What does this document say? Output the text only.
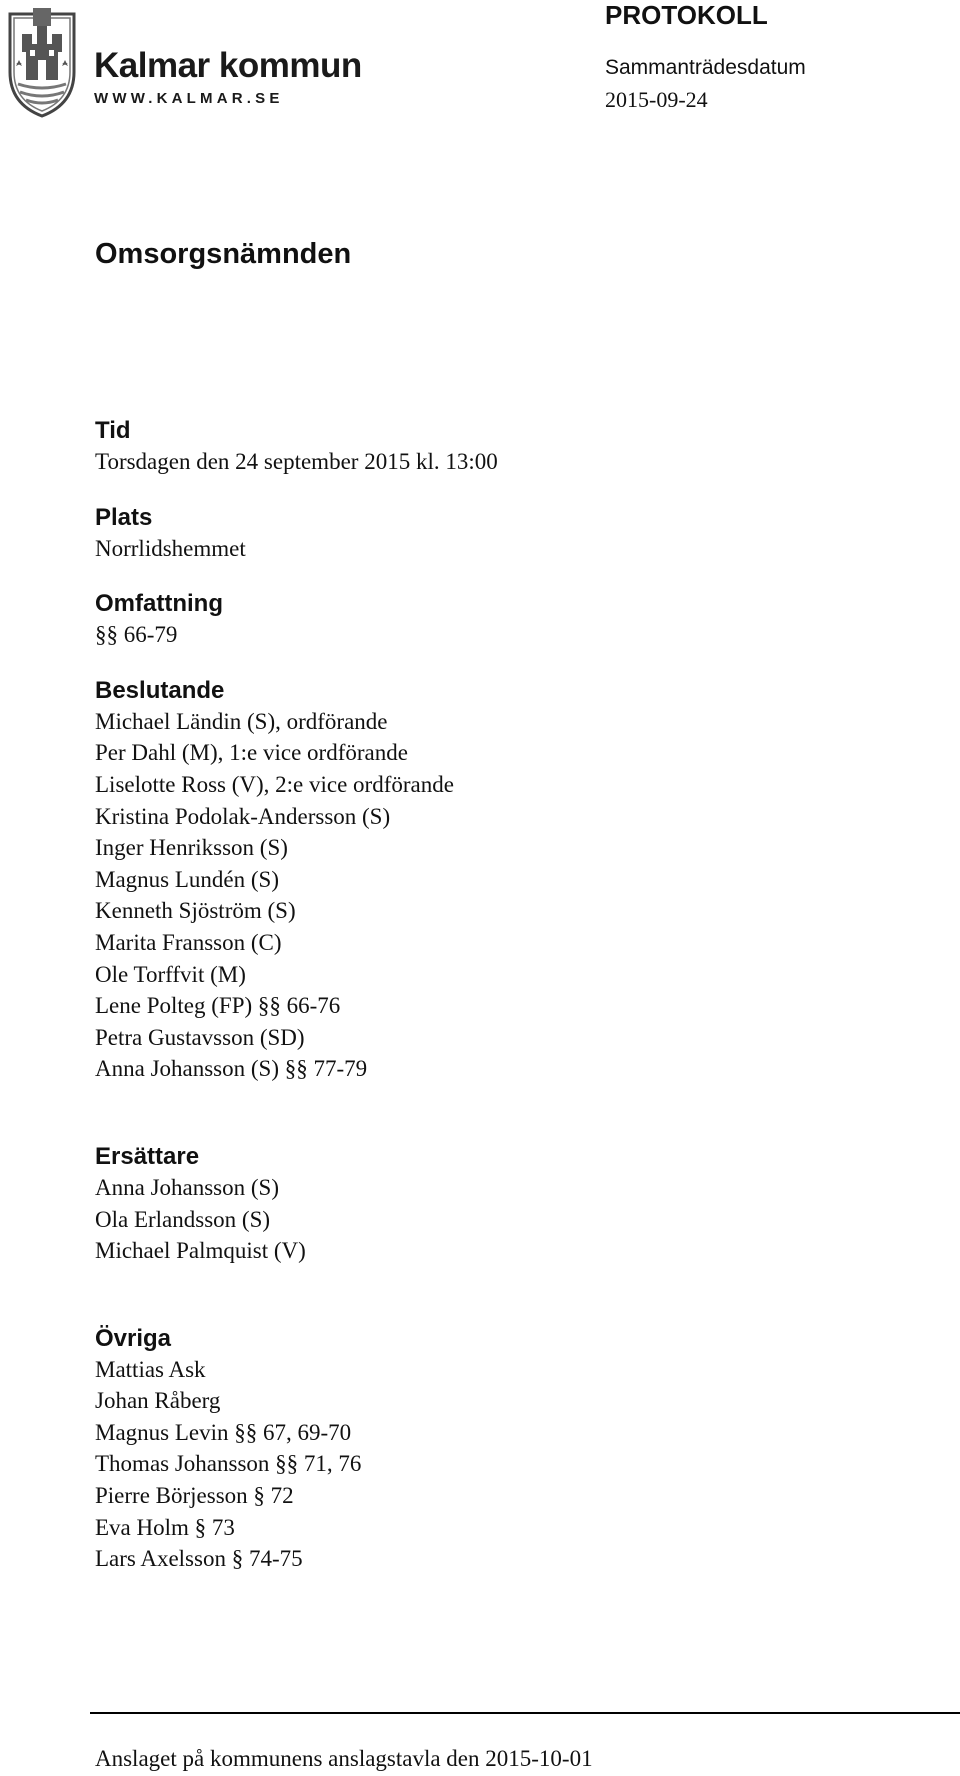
Kalmar kommun
WWW.KALMAR.SE
PROTOKOLL
Sammanträdesdatum
2015-09-24
Omsorgsnämnden
Tid
Torsdagen den 24 september 2015 kl. 13:00
Plats
Norrlidshemmet
Omfattning
§§ 66-79
Beslutande
Michael Ländin (S), ordförande
Per Dahl (M), 1:e vice ordförande
Liselotte Ross (V), 2:e vice ordförande
Kristina Podolak-Andersson (S)
Inger Henriksson (S)
Magnus Lundén (S)
Kenneth Sjöström (S)
Marita Fransson (C)
Ole Torffvit (M)
Lene Polteg (FP) §§ 66-76
Petra Gustavsson (SD)
Anna Johansson (S) §§ 77-79
Ersättare
Anna Johansson (S)
Ola Erlandsson (S)
Michael Palmquist (V)
Övriga
Mattias Ask
Johan Råberg
Magnus Levin §§ 67, 69-70
Thomas Johansson §§ 71, 76
Pierre Börjesson § 72
Eva Holm § 73
Lars Axelsson § 74-75
Anslaget på kommunens anslagstavla den 2015-10-01
